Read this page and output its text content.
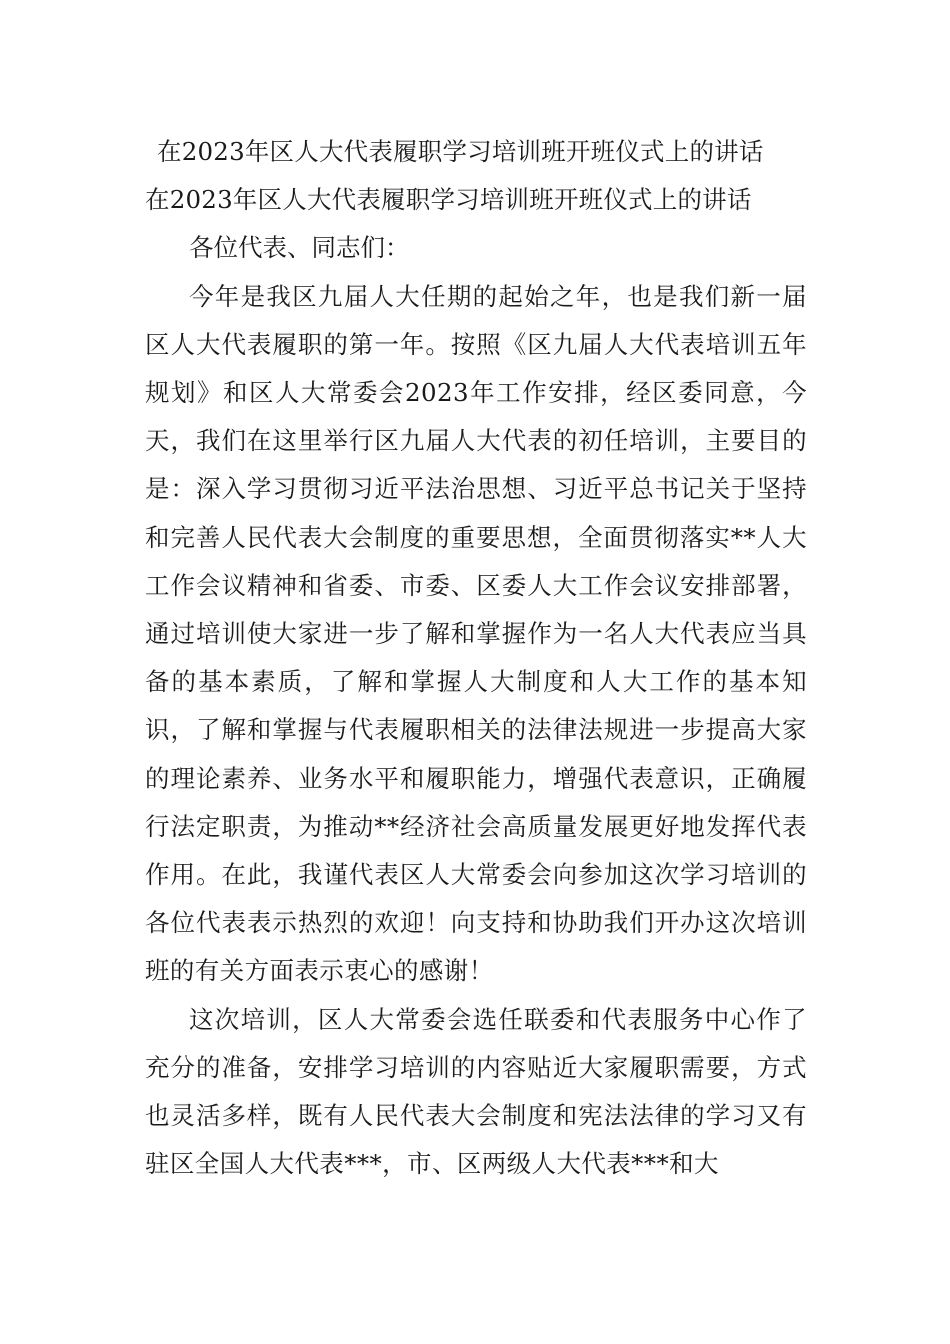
在2023年区人大代表履职学习培训班开班仪式上的讲话
在2023年区人大代表履职学习培训班开班仪式上的讲话

各位代表、同志们：

今年是我区九届人大任期的起始之年，也是我们新一届区人大代表履职的第一年。按照《区九届人大代表培训五年规划》和区人大常委会2023年工作安排，经区委同意，今天，我们在这里举行区九届人大代表的初任培训，主要目的是：深入学习贯彻习近平法治思想、习近平总书记关于坚持和完善人民代表大会制度的重要思想，全面贯彻落实**人大工作会议精神和省委、市委、区委人大工作会议安排部署，通过培训使大家进一步了解和掌握作为一名人大代表应当具备的基本素质，了解和掌握人大制度和人大工作的基本知识，了解和掌握与代表履职相关的法律法规进一步提高大家的理论素养、业务水平和履职能力，增强代表意识，正确履行法定职责，为推动**经济社会高质量发展更好地发挥代表作用。在此，我谨代表区人大常委会向参加这次学习培训的各位代表表示热烈的欢迎！向支持和协助我们开办这次培训班的有关方面表示衷心的感谢！

这次培训，区人大常委会选任联委和代表服务中心作了充分的准备，安排学习培训的内容贴近大家履职需要，方式也灵活多样，既有人民代表大会制度和宪法法律的学习又有驻区全国人大代表***，市、区两级人大代表***和大
